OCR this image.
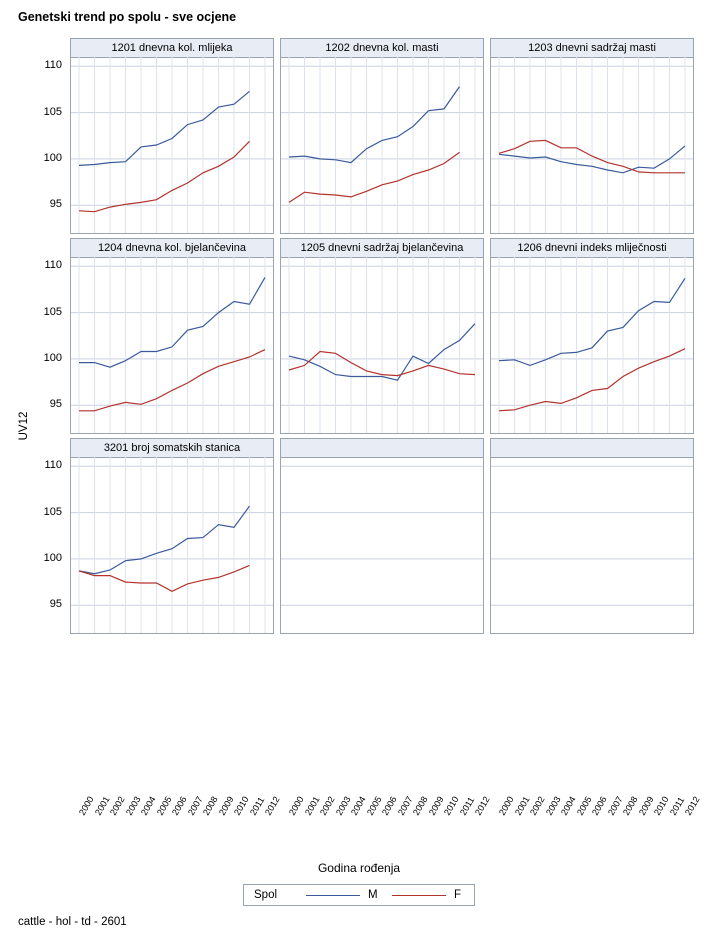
Genetski trend po spolu - sve ocjene
UV12
Godina rođenja
1201 dnevna kol. mlijeka	1202 dnevna kol. masti	1203 dnevni sadržaj masti
1204 dnevna kol. bjelančevina	1205 dnevni sadržaj bjelančevina	1206 dnevni indeks mliječnosti
3201 broj somatskih stanica
Spol	M	F
cattle - hol - td - 2601
95
100
105
110
95
100
105
110
95
100
105
110
2000
2001
2002
2003
2004
2005
2006
2007
2008
2009
2010
2011
2012 2000
2001
2002
2003
2004
2005
2006
2007
2008
2009
2010
2011
2012 2000
2001
2002
2003
2004
2005
2006
2007
2008
2009
2010
2011
2012
